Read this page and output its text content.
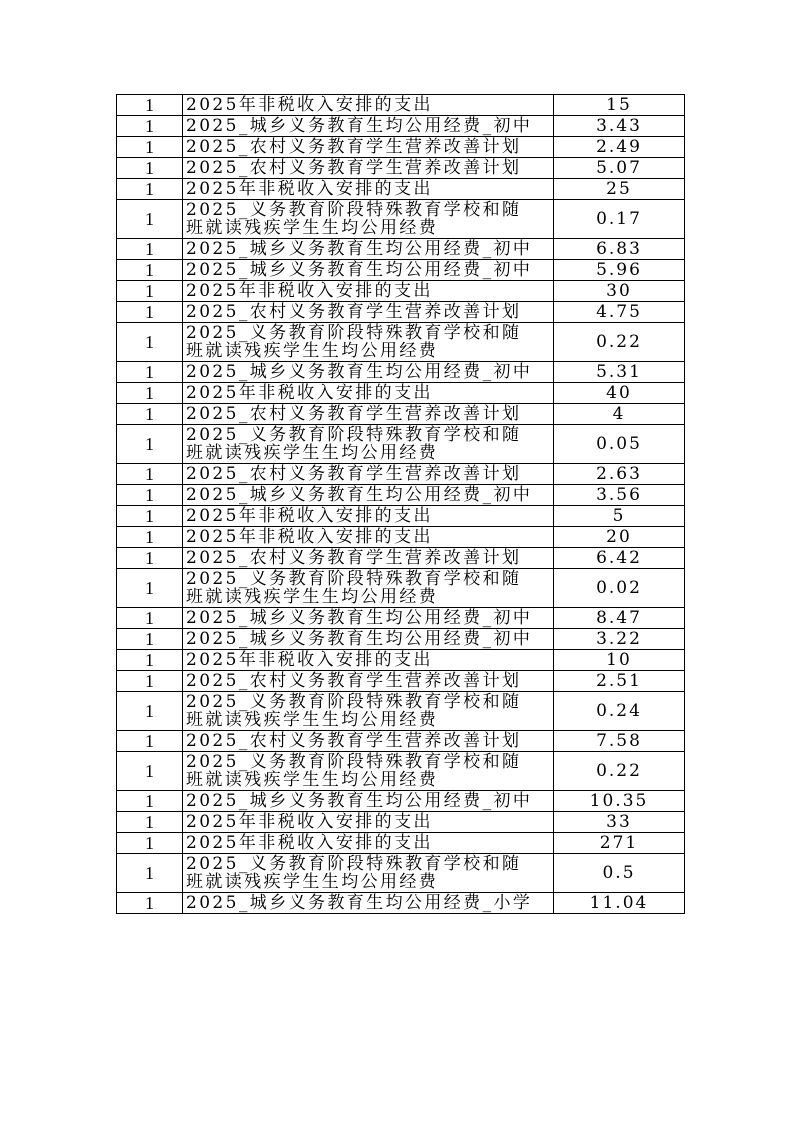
1	2025年非税收入安排的支出	15
1	2025_城乡义务教育生均公用经费_初中	3.43
1	2025_农村义务教育学生营养改善计划	2.49
1	2025_农村义务教育学生营养改善计划	5.07
1	2025年非税收入安排的支出	25
1	2025_义务教育阶段特殊教育学校和随
班就读残疾学生生均公用经费	0.17
1	2025_城乡义务教育生均公用经费_初中	6.83
1	2025_城乡义务教育生均公用经费_初中	5.96
1	2025年非税收入安排的支出	30
1	2025_农村义务教育学生营养改善计划	4.75
1	2025_义务教育阶段特殊教育学校和随
班就读残疾学生生均公用经费	0.22
1	2025_城乡义务教育生均公用经费_初中	5.31
1	2025年非税收入安排的支出	40
1	2025_农村义务教育学生营养改善计划	4
1	2025_义务教育阶段特殊教育学校和随
班就读残疾学生生均公用经费	0.05
1	2025_农村义务教育学生营养改善计划	2.63
1	2025_城乡义务教育生均公用经费_初中	3.56
1	2025年非税收入安排的支出	5
1	2025年非税收入安排的支出	20
1	2025_农村义务教育学生营养改善计划	6.42
1	2025_义务教育阶段特殊教育学校和随
班就读残疾学生生均公用经费	0.02
1	2025_城乡义务教育生均公用经费_初中	8.47
1	2025_城乡义务教育生均公用经费_初中	3.22
1	2025年非税收入安排的支出	10
1	2025_农村义务教育学生营养改善计划	2.51
1	2025_义务教育阶段特殊教育学校和随
班就读残疾学生生均公用经费	0.24
1	2025_农村义务教育学生营养改善计划	7.58
1	2025_义务教育阶段特殊教育学校和随
班就读残疾学生生均公用经费	0.22
1	2025_城乡义务教育生均公用经费_初中	10.35
1	2025年非税收入安排的支出	33
1	2025年非税收入安排的支出	271
1	2025_义务教育阶段特殊教育学校和随
班就读残疾学生生均公用经费	0.5
1	2025_城乡义务教育生均公用经费_小学	11.04
